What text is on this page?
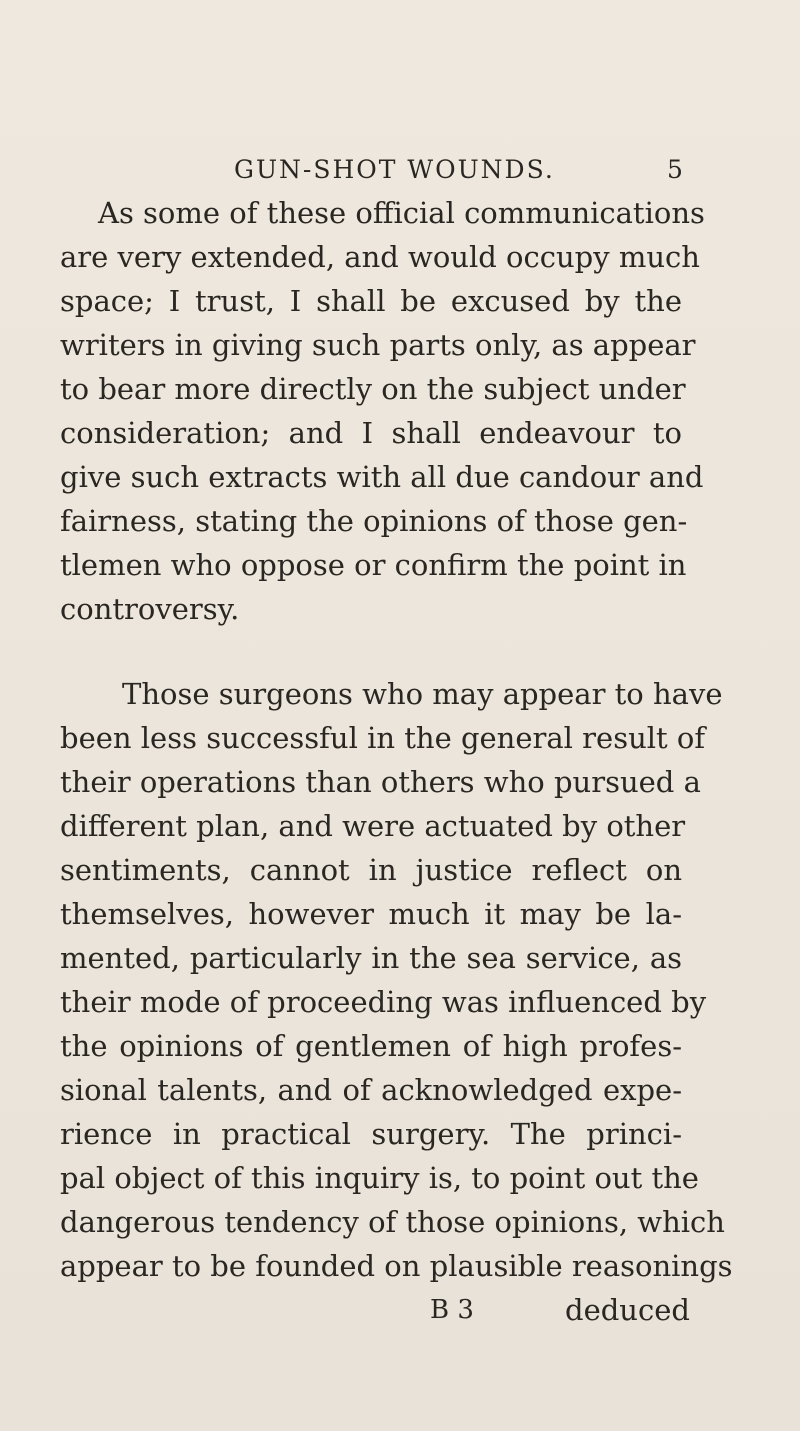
GUN-SHOT WOUNDS.	5
As some of these official communications
are very extended, and would occupy much
space; I trust, I shall be excused by the
writers in giving such parts only, as appear
to bear more directly on the subject under
consideration; and I shall endeavour to
give such extracts with all due candour and
fairness, stating the opinions of those gen-
tlemen who oppose or confirm the point in
controversy.
Those surgeons who may appear to have
been less successful in the general result of
their operations than others who pursued a
different plan, and were actuated by other
sentiments, cannot in justice reflect on
themselves, however much it may be la-
mented, particularly in the sea service, as
their mode of proceeding was influenced by
the opinions of gentlemen of high profes-
sional talents, and of acknowledged expe-
rience in practical surgery. The princi-
pal object of this inquiry is, to point out the
dangerous tendency of those opinions, which
appear to be founded on plausible reasonings
B 3	deduced
